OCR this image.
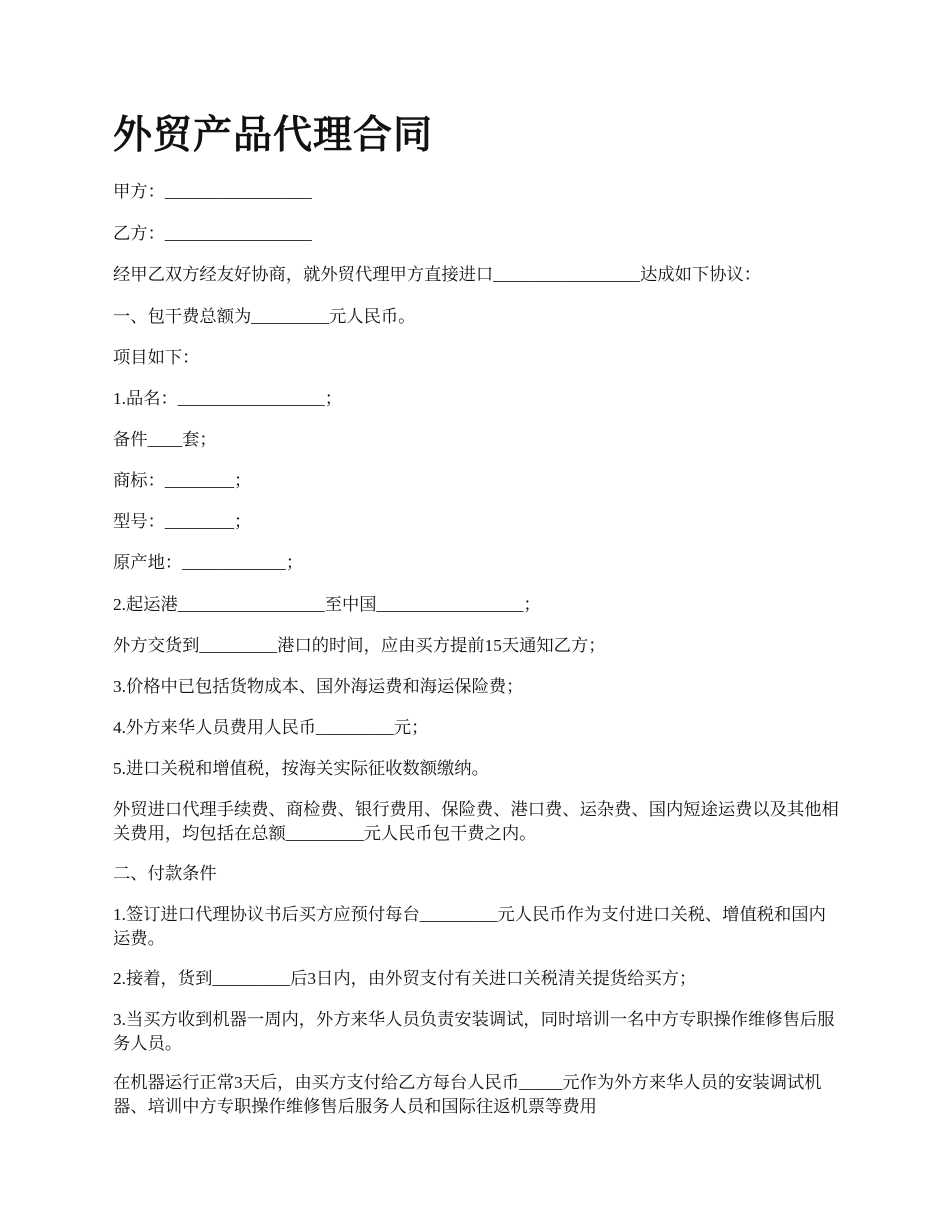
外贸产品代理合同

甲方：_________________

乙方：_________________

经甲乙双方经友好协商，就外贸代理甲方直接进口_________________达成如下协议：

一、包干费总额为_________元人民币。

项目如下：

1.品名：_________________；

备件____套；

商标：________；

型号：________；

原产地：____________；

2.起运港_________________至中国_________________；

外方交货到_________港口的时间，应由买方提前15天通知乙方；

3.价格中已包括货物成本、国外海运费和海运保险费；

4.外方来华人员费用人民币_________元；

5.进口关税和增值税，按海关实际征收数额缴纳。

外贸进口代理手续费、商检费、银行费用、保险费、港口费、运杂费、国内短途运费以及其他相关费用，均包括在总额_________元人民币包干费之内。

二、付款条件

1.签订进口代理协议书后买方应预付每台_________元人民币作为支付进口关税、增值税和国内运费。

2.接着，货到_________后3日内，由外贸支付有关进口关税清关提货给买方；

3.当买方收到机器一周内，外方来华人员负责安装调试，同时培训一名中方专职操作维修售后服务人员。

在机器运行正常3天后，由买方支付给乙方每台人民币_____元作为外方来华人员的安装调试机器、培训中方专职操作维修售后服务人员和国际往返机票等费用
